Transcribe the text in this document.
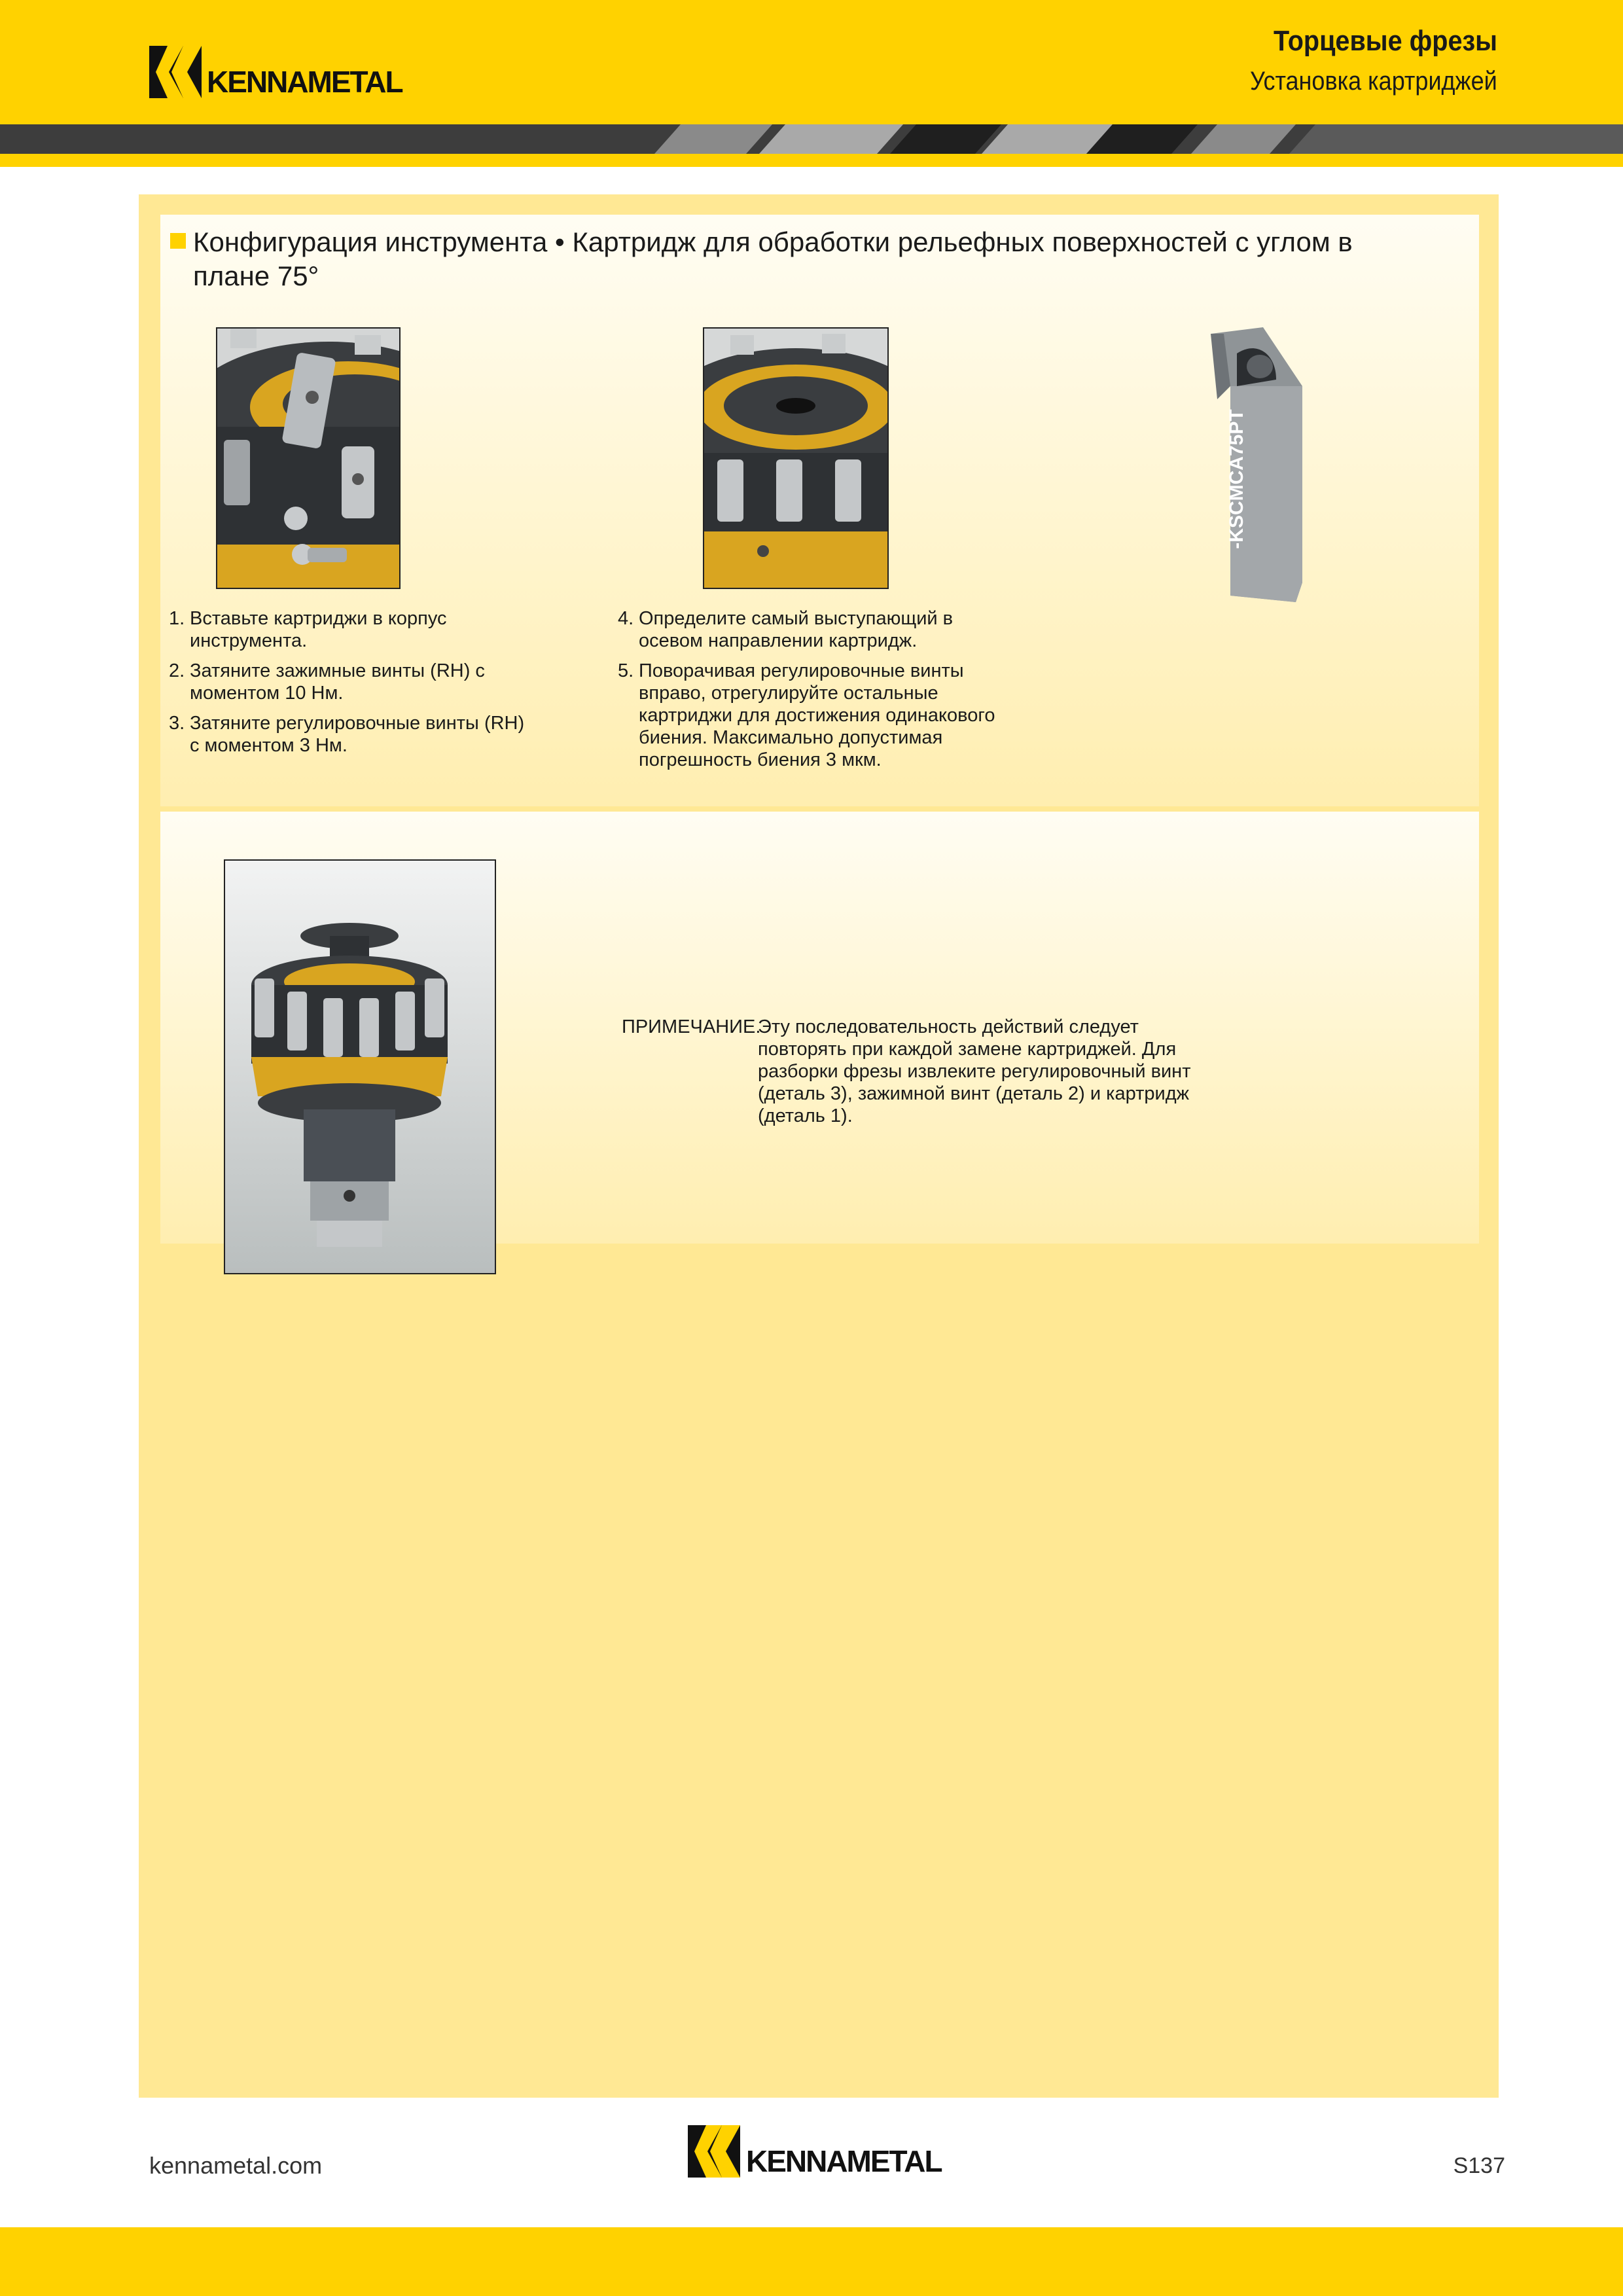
KENNAMETAL
Торцевые фрезы
Установка картриджей
Конфигурация инструмента • Картридж для обработки рельефных поверхностей с углом в плане 75°
-KSCMCA75PT
1. Вставьте картриджи в корпус инструмента.
2. Затяните зажимные винты (RH) с моментом 10 Нм.
3. Затяните регулировочные винты (RH) с моментом 3 Нм.
4. Определите самый выступающий в осевом направлении картридж.
5. Поворачивая регулировочные винты вправо, отрегулируйте остальные картриджи для достижения одинакового биения. Максимально допустимая погрешность биения 3 мкм.
ПРИМЕЧАНИЕ.
Эту последовательность действий следует повторять при каждой замене картриджей. Для разборки фрезы извлеките регулировочный винт (деталь 3), зажимной винт (деталь 2) и картридж (деталь 1).
kennametal.com	KENNAMETAL	S137
